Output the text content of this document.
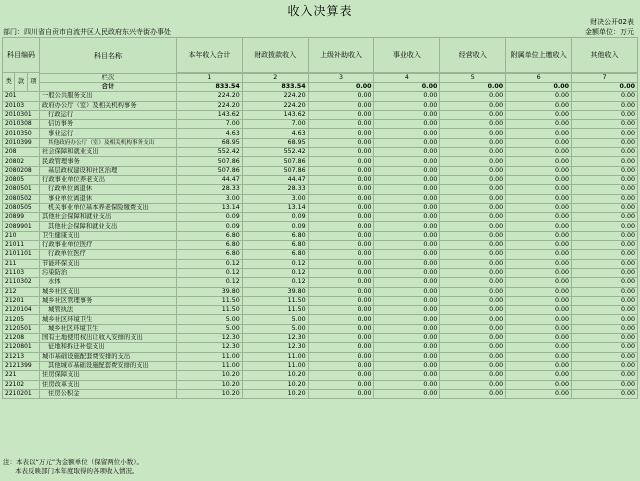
收入决算表
财决公开02表
部门：四川省自贡市自流井区人民政府东兴寺街办事处	金额单位：万元
科目编码			科目名称	本年收入合计	财政拨款收入	上级补助收入	事业收入	经营收入	附属单位上缴收入	其他收入
类	款	项								
			栏次	1	2	3	4	5	6	7
			合计	833.54	833.54	0.00	0.00	0.00	0.00	0.00
201			一般公共服务支出	224.20	224.20	0.00	0.00	0.00	0.00	0.00
20103			政府办公厅（室）及相关机构事务	224.20	224.20	0.00	0.00	0.00	0.00	0.00
2010301			行政运行	143.62	143.62	0.00	0.00	0.00	0.00	0.00
2010308			信访事务	7.00	7.00	0.00	0.00	0.00	0.00	0.00
2010350			事业运行	4.63	4.63	0.00	0.00	0.00	0.00	0.00
2010399			其他政府办公厅（室）及相关机构事务支出	68.95	68.95	0.00	0.00	0.00	0.00	0.00
208			社会保障和就业支出	552.42	552.42	0.00	0.00	0.00	0.00	0.00
20802			民政管理事务	507.86	507.86	0.00	0.00	0.00	0.00	0.00
2080208			基层政权建设和社区治理	507.86	507.86	0.00	0.00	0.00	0.00	0.00
20805			行政事业单位养老支出	44.47	44.47	0.00	0.00	0.00	0.00	0.00
2080501			行政单位离退休	28.33	28.33	0.00	0.00	0.00	0.00	0.00
2080502			事业单位离退休	3.00	3.00	0.00	0.00	0.00	0.00	0.00
2080505			机关事业单位基本养老保险缴费支出	13.14	13.14	0.00	0.00	0.00	0.00	0.00
20899			其他社会保障和就业支出	0.09	0.09	0.00	0.00	0.00	0.00	0.00
2089901			其他社会保障和就业支出	0.09	0.09	0.00	0.00	0.00	0.00	0.00
210			卫生健康支出	6.80	6.80	0.00	0.00	0.00	0.00	0.00
21011			行政事业单位医疗	6.80	6.80	0.00	0.00	0.00	0.00	0.00
2101101			行政单位医疗	6.80	6.80	0.00	0.00	0.00	0.00	0.00
211			节能环保支出	0.12	0.12	0.00	0.00	0.00	0.00	0.00
21103			污染防治	0.12	0.12	0.00	0.00	0.00	0.00	0.00
2110302			水体	0.12	0.12	0.00	0.00	0.00	0.00	0.00
212			城乡社区支出	39.80	39.80	0.00	0.00	0.00	0.00	0.00
21201			城乡社区管理事务	11.50	11.50	0.00	0.00	0.00	0.00	0.00
2120104			城管执法	11.50	11.50	0.00	0.00	0.00	0.00	0.00
21205			城乡社区环境卫生	5.00	5.00	0.00	0.00	0.00	0.00	0.00
2120501			城乡社区环境卫生	5.00	5.00	0.00	0.00	0.00	0.00	0.00
21208			国有土地使用权出让收入安排的支出	12.30	12.30	0.00	0.00	0.00	0.00	0.00
2120801			征地和拆迁补偿支出	12.30	12.30	0.00	0.00	0.00	0.00	0.00
21213			城市基础设施配套费安排的支出	11.00	11.00	0.00	0.00	0.00	0.00	0.00
2121399			其他城市基础设施配套费安排的支出	11.00	11.00	0.00	0.00	0.00	0.00	0.00
221			住房保障支出	10.20	10.20	0.00	0.00	0.00	0.00	0.00
22102			住房改革支出	10.20	10.20	0.00	0.00	0.00	0.00	0.00
2210201			住房公积金	10.20	10.20	0.00	0.00	0.00	0.00	0.00
注：本表以“万元”为金额单位（保留两位小数）。
本表反映部门本年度取得的各项收入情况。
